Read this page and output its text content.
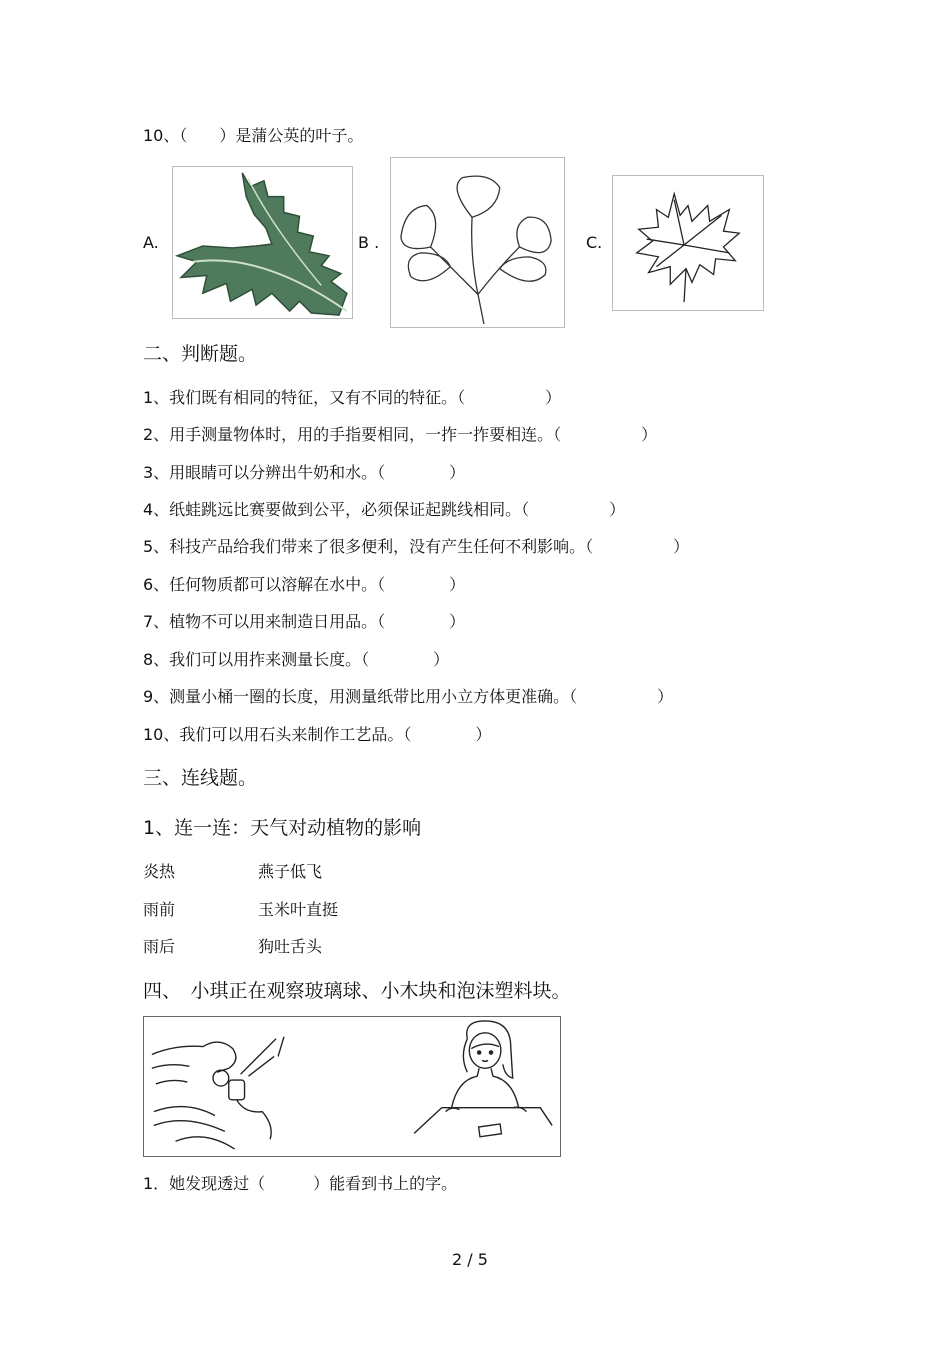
10、（　　）是蒲公英的叶子。
A.	B .	C.
二、判断题。
1、我们既有相同的特征，又有不同的特征。（　　　　　）
2、用手测量物体时，用的手指要相同，一拃一拃要相连。（　　　　　）
3、用眼睛可以分辨出牛奶和水。（　　　　）
4、纸蛙跳远比赛要做到公平，必须保证起跳线相同。（　　　　　）
5、科技产品给我们带来了很多便利，没有产生任何不利影响。（　　　　　）
6、任何物质都可以溶解在水中。（　　　　）
7、植物不可以用来制造日用品。（　　　　）
8、我们可以用拃来测量长度。（　　　　）
9、测量小桶一圈的长度，用测量纸带比用小立方体更准确。（　　　　　）
10、我们可以用石头来制作工艺品。（　　　　）
三、连线题。
1、连一连：天气对动植物的影响
炎热	燕子低飞
雨前	玉米叶直挺
雨后	狗吐舌头
四、　小琪正在观察玻璃球、小木块和泡沫塑料块。
1．她发现透过（　　　）能看到书上的字。
2 / 5
